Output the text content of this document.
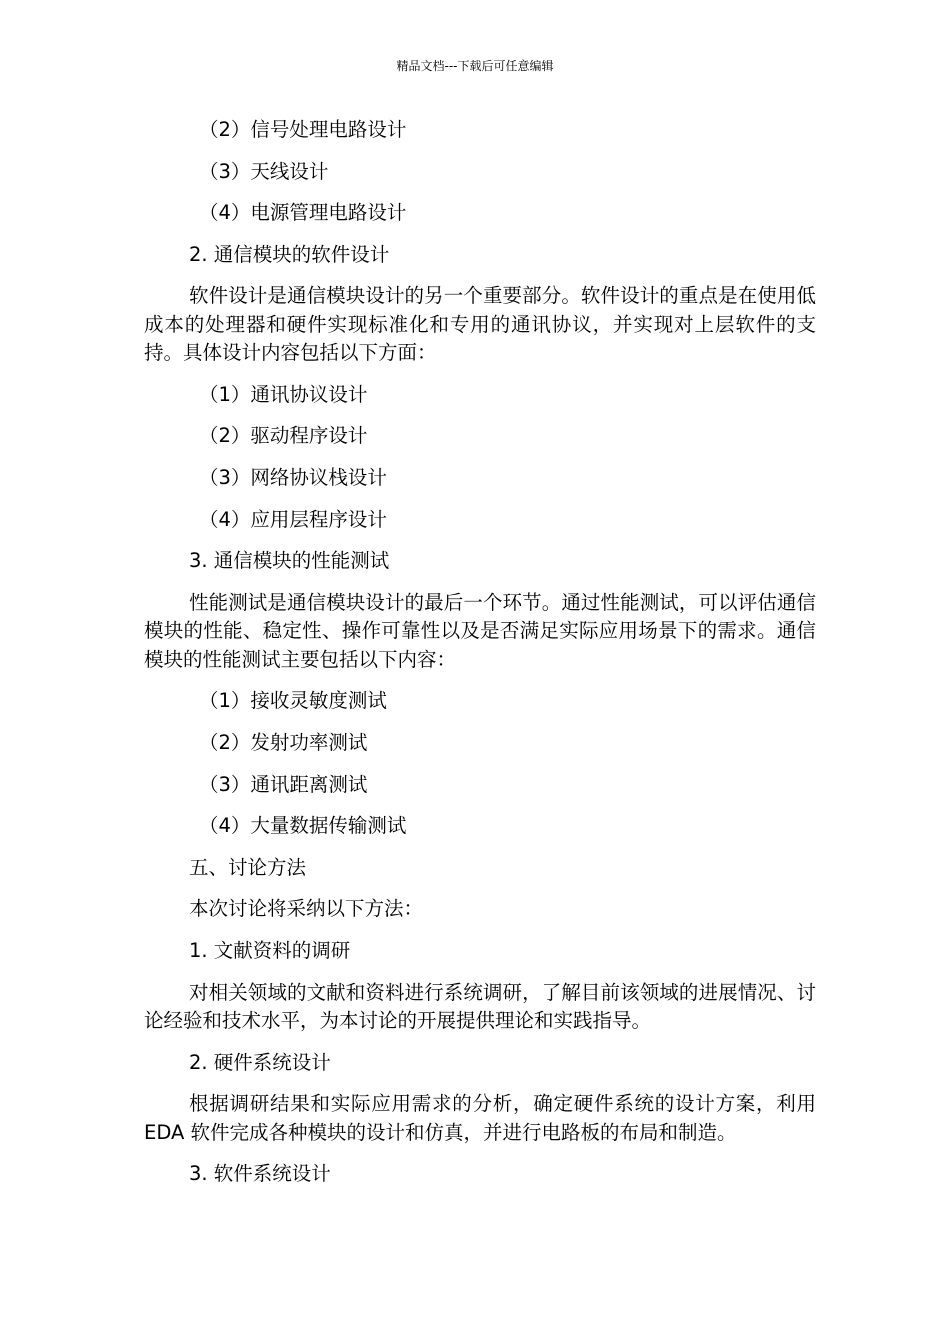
精品文档---下载后可任意编辑
（2）信号处理电路设计
（3）天线设计
（4）电源管理电路设计
2. 通信模块的软件设计
软件设计是通信模块设计的另一个重要部分。软件设计的重点是在使用低成本的处理器和硬件实现标准化和专用的通讯协议，并实现对上层软件的支持。具体设计内容包括以下方面：
（1）通讯协议设计
（2）驱动程序设计
（3）网络协议栈设计
（4）应用层程序设计
3. 通信模块的性能测试
性能测试是通信模块设计的最后一个环节。通过性能测试，可以评估通信模块的性能、稳定性、操作可靠性以及是否满足实际应用场景下的需求。通信模块的性能测试主要包括以下内容：
（1）接收灵敏度测试
（2）发射功率测试
（3）通讯距离测试
（4）大量数据传输测试
五、讨论方法
本次讨论将采纳以下方法：
1. 文献资料的调研
对相关领域的文献和资料进行系统调研，了解目前该领域的进展情况、讨论经验和技术水平，为本讨论的开展提供理论和实践指导。
2. 硬件系统设计
根据调研结果和实际应用需求的分析，确定硬件系统的设计方案，利用 EDA 软件完成各种模块的设计和仿真，并进行电路板的布局和制造。
3. 软件系统设计
